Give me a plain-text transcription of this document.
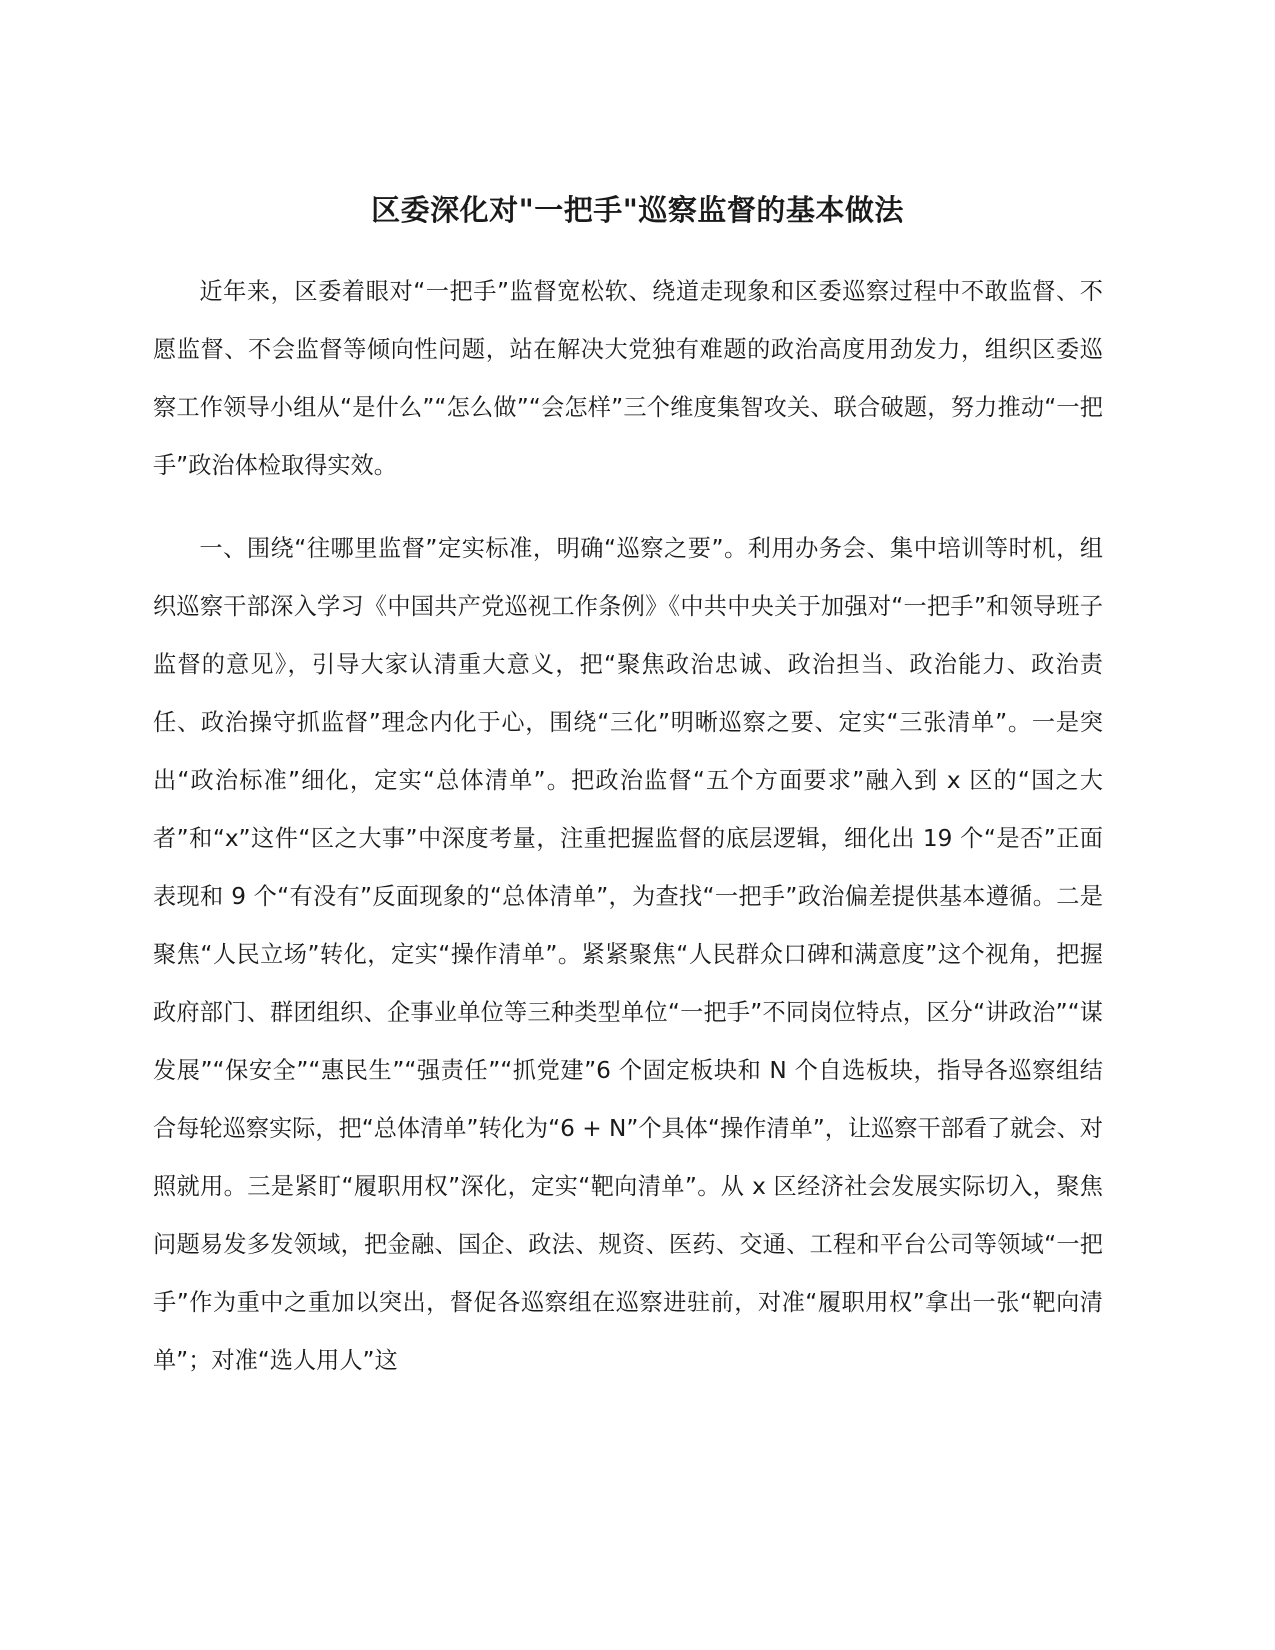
区委深化对"一把手"巡察监督的基本做法

近年来，区委着眼对“一把手”监督宽松软、绕道走现象和区委巡察过程中不敢监督、不愿监督、不会监督等倾向性问题，站在解决大党独有难题的政治高度用劲发力，组织区委巡察工作领导小组从“是什么”“怎么做”“会怎样”三个维度集智攻关、联合破题，努力推动“一把手”政治体检取得实效。

一、围绕“往哪里监督”定实标准，明确“巡察之要”。利用办务会、集中培训等时机，组织巡察干部深入学习《中国共产党巡视工作条例》《中共中央关于加强对“一把手”和领导班子监督的意见》，引导大家认清重大意义，把“聚焦政治忠诚、政治担当、政治能力、政治责任、政治操守抓监督”理念内化于心，围绕“三化”明晰巡察之要、定实“三张清单”。一是突出“政治标准”细化，定实“总体清单”。把政治监督“五个方面要求”融入到 x 区的“国之大者”和“x”这件“区之大事”中深度考量，注重把握监督的底层逻辑，细化出 19 个“是否”正面表现和 9 个“有没有”反面现象的“总体清单”，为查找“一把手”政治偏差提供基本遵循。二是聚焦“人民立场”转化，定实“操作清单”。紧紧聚焦“人民群众口碑和满意度”这个视角，把握政府部门、群团组织、企事业单位等三种类型单位“一把手”不同岗位特点，区分“讲政治”“谋发展”“保安全”“惠民生”“强责任”“抓党建”6 个固定板块和 N 个自选板块，指导各巡察组结合每轮巡察实际，把“总体清单”转化为“6 + N”个具体“操作清单”，让巡察干部看了就会、对照就用。三是紧盯“履职用权”深化，定实“靶向清单”。从 x 区经济社会发展实际切入，聚焦问题易发多发领域，把金融、国企、政法、规资、医药、交通、工程和平台公司等领域“一把手”作为重中之重加以突出，督促各巡察组在巡察进驻前，对准“履职用权”拿出一张“靶向清单”；对准“选人用人”这
